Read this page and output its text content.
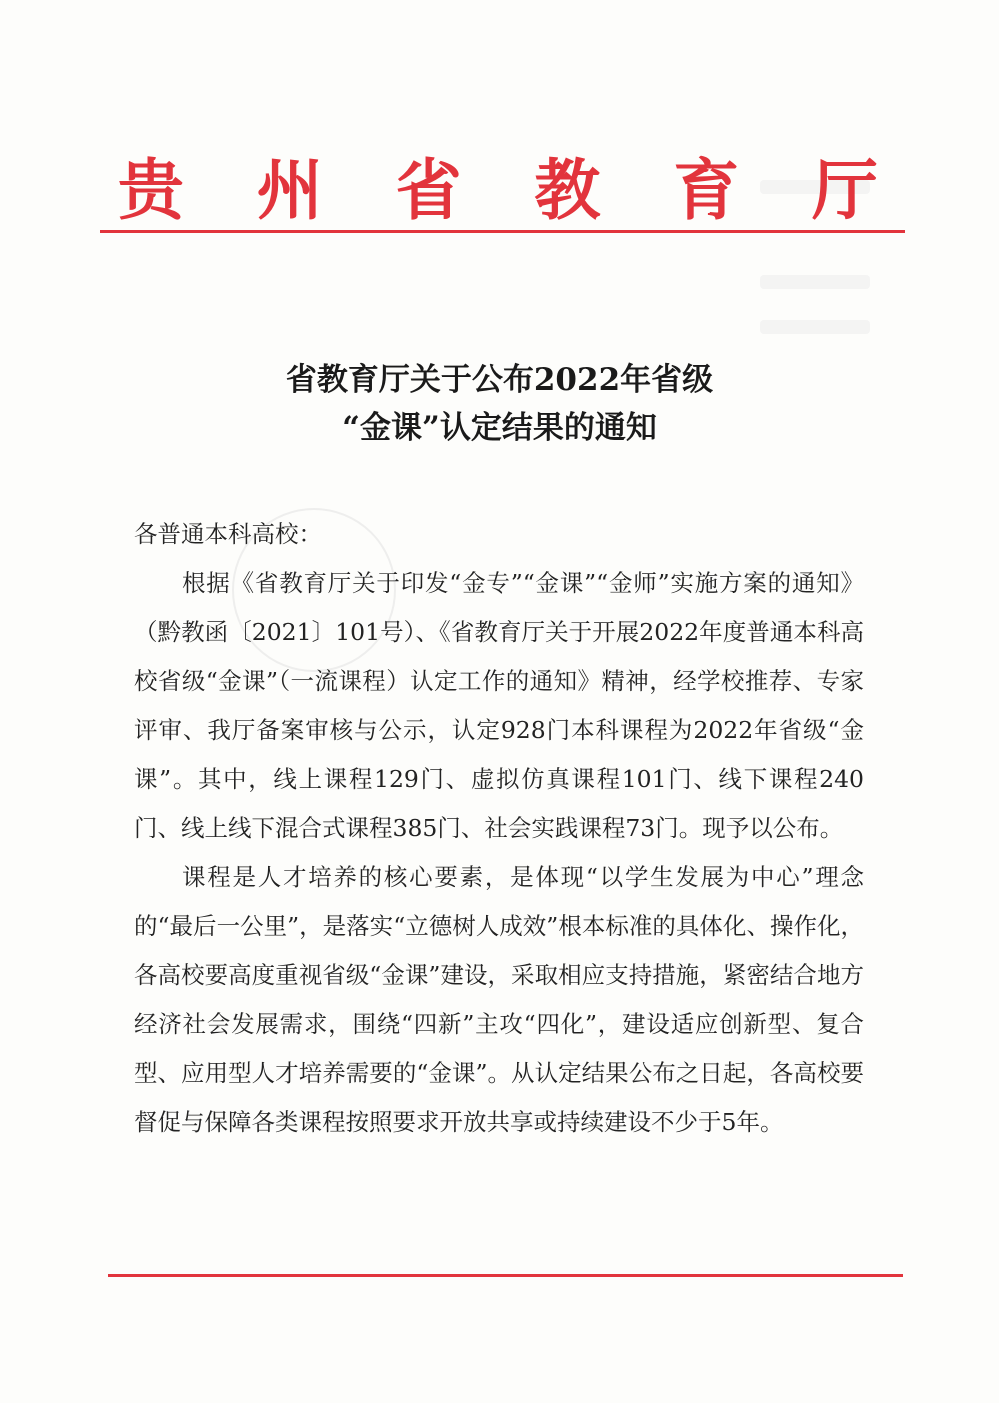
贵 州 省 教 育 厅
省教育厅关于公布2022年省级
“金课”认定结果的通知

各普通本科高校：

根据《省教育厅关于印发“金专”“金课”“金师”实施方案的通知》（黔教函〔2021〕101号）、《省教育厅关于开展2022年度普通本科高校省级“金课”（一流课程）认定工作的通知》精神，经学校推荐、专家评审、我厅备案审核与公示，认定928门本科课程为2022年省级“金课”。其中，线上课程129门、虚拟仿真课程101门、线下课程240门、线上线下混合式课程385门、社会实践课程73门。现予以公布。

课程是人才培养的核心要素，是体现“以学生发展为中心”理念的“最后一公里”，是落实“立德树人成效”根本标准的具体化、操作化，各高校要高度重视省级“金课”建设，采取相应支持措施，紧密结合地方经济社会发展需求，围绕“四新”主攻“四化”，建设适应创新型、复合型、应用型人才培养需要的“金课”。从认定结果公布之日起，各高校要督促与保障各类课程按照要求开放共享或持续建设不少于5年。
